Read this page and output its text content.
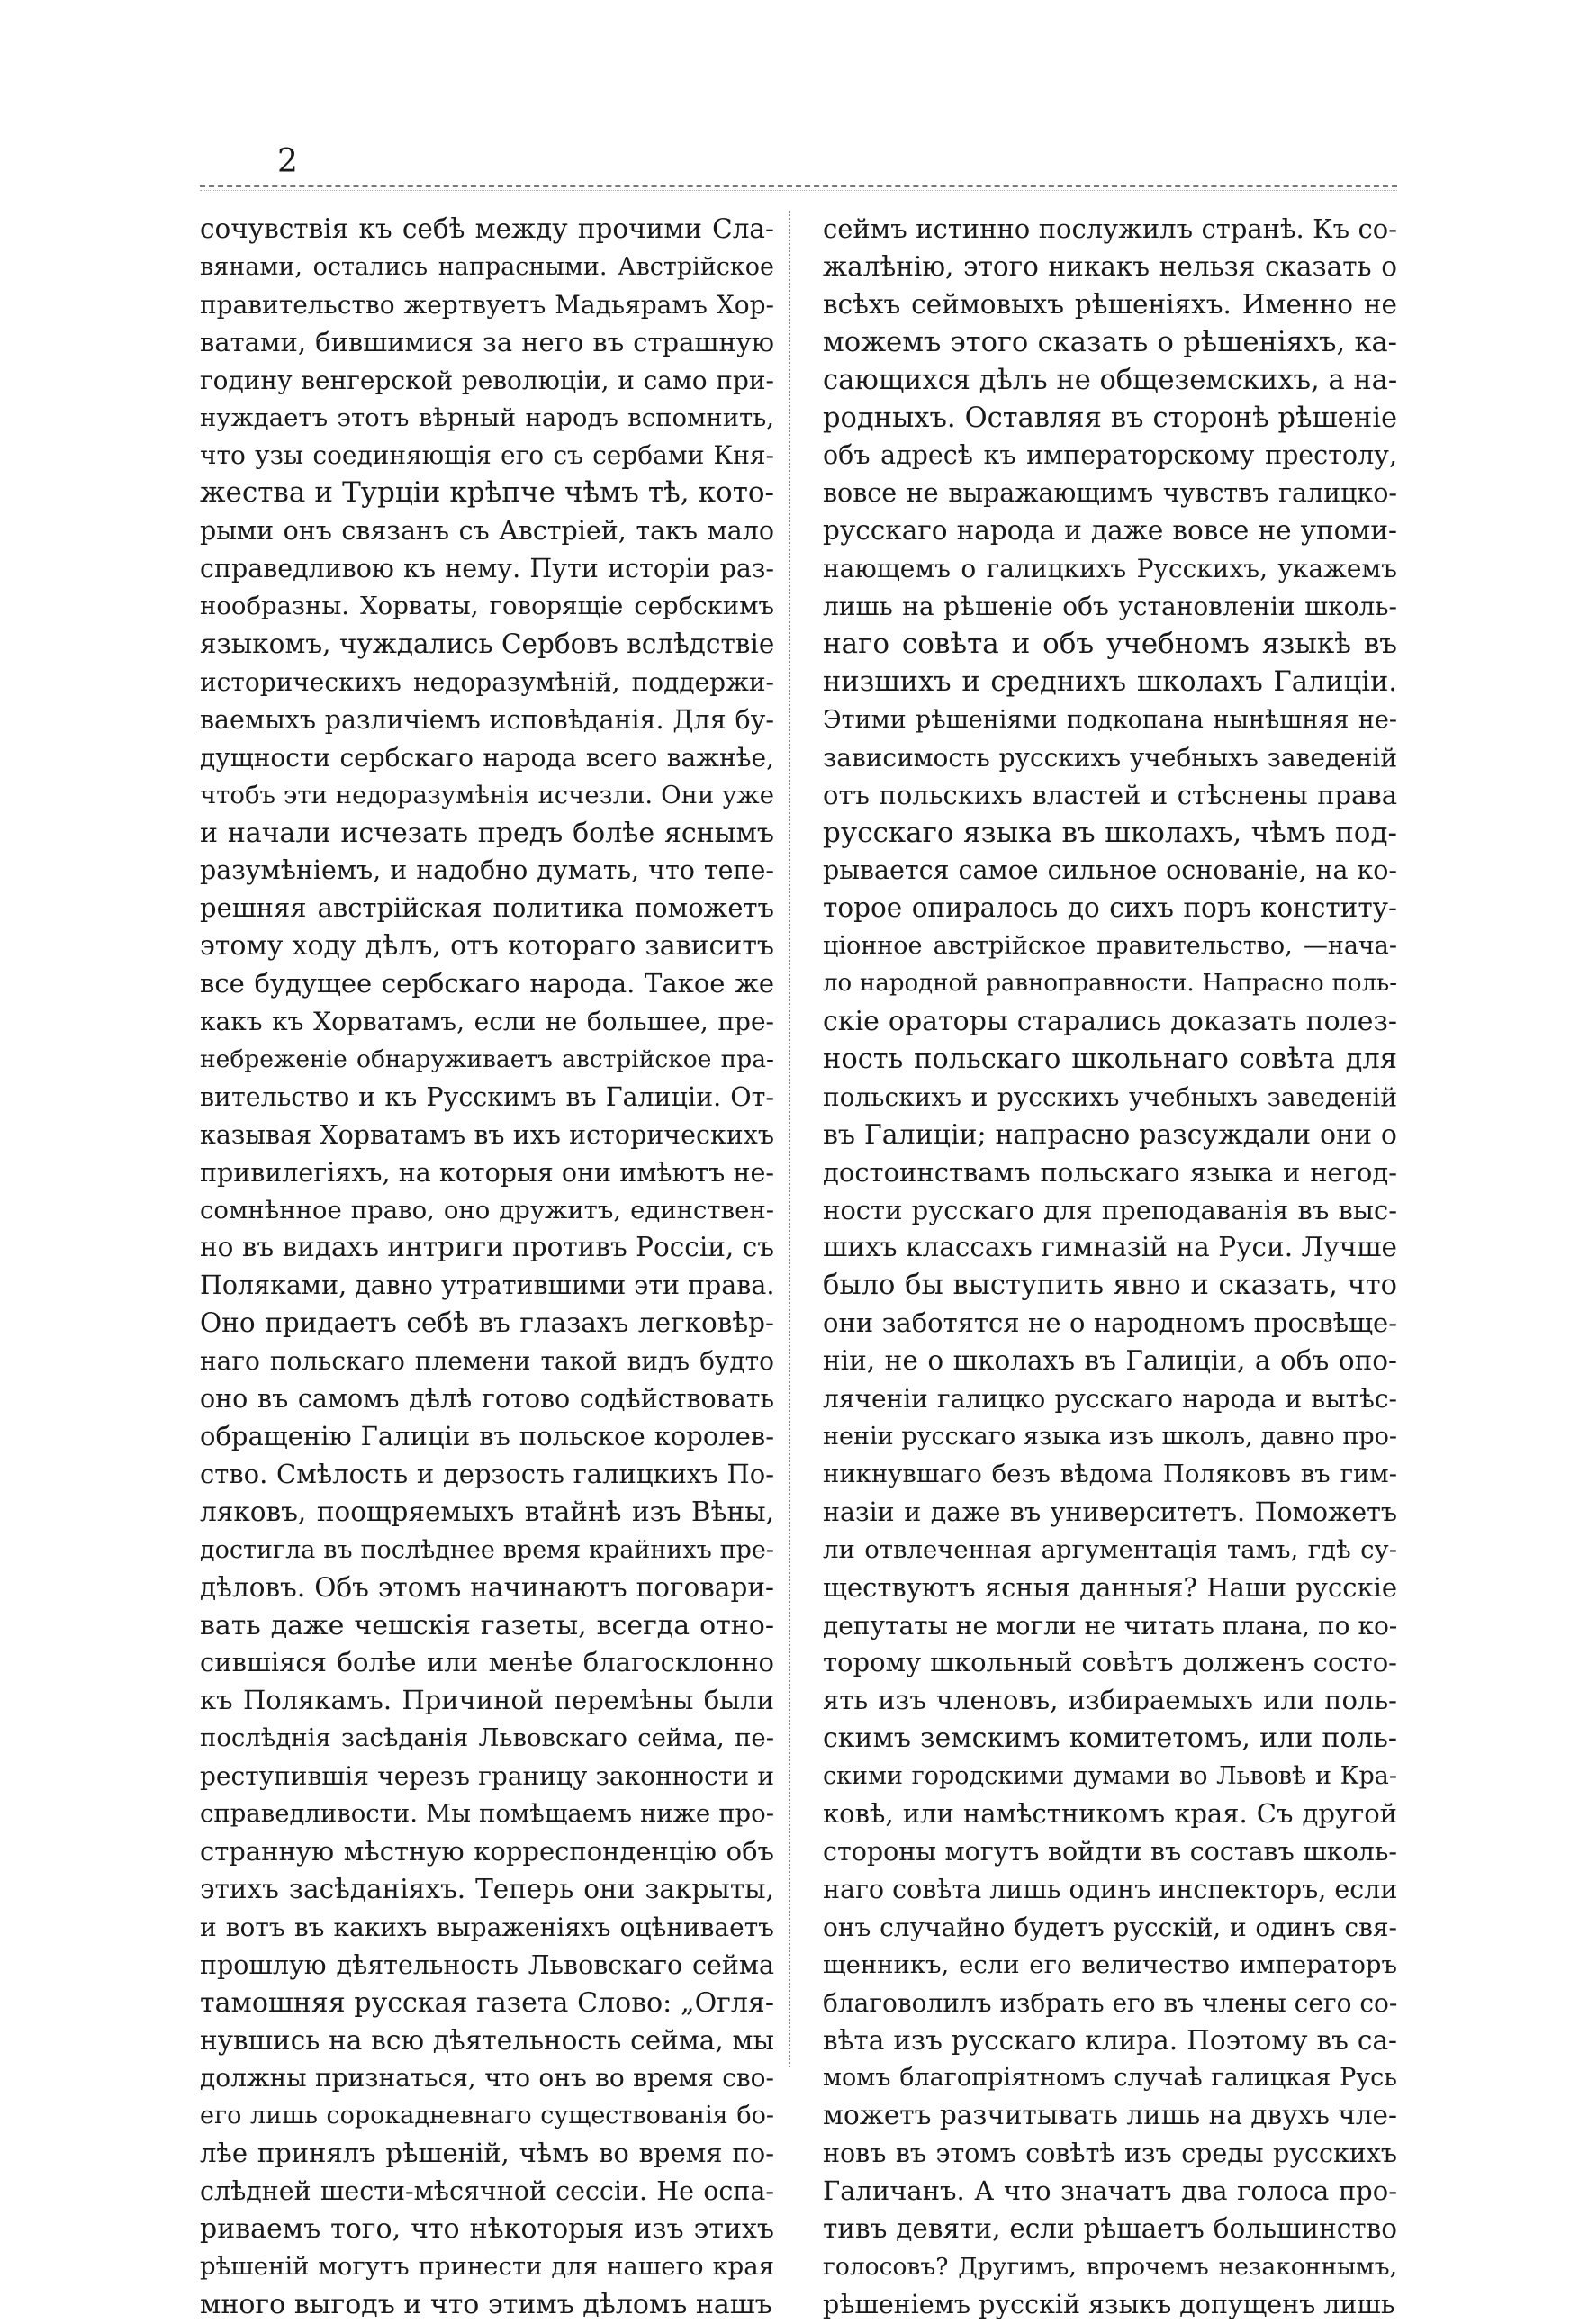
2
сочувствія къ себѣ между прочими Сла-
вянами, остались напрасными. Австрійское
правительство жертвуетъ Мадьярамъ Хор-
ватами, бившимися за него въ страшную
годину венгерской революціи, и само при-
нуждаетъ этотъ вѣрный народъ вспомнить,
что узы соединяющія его съ сербами Кня-
жества и Турціи крѣпче чѣмъ тѣ, кото-
рыми онъ связанъ съ Австріей, такъ мало
справедливою къ нему. Пути исторіи раз-
нообразны. Хорваты, говорящіе сербскимъ
языкомъ, чуждались Сербовъ вслѣдствіе
историческихъ недоразумѣній, поддержи-
ваемыхъ различіемъ исповѣданія. Для бу-
дущности сербскаго народа всего важнѣе,
чтобъ эти недоразумѣнія исчезли. Они уже
и начали исчезать предъ болѣе яснымъ
разумѣніемъ, и надобно думать, что тепе-
решняя австрійская политика поможетъ
этому ходу дѣлъ, отъ котораго зависитъ
все будущее сербскаго народа. Такое же
какъ къ Хорватамъ, если не большее, пре-
небреженіе обнаруживаетъ австрійское пра-
вительство и къ Русскимъ въ Галиціи. От-
казывая Хорватамъ въ ихъ историческихъ
привилегіяхъ, на которыя они имѣютъ не-
сомнѣнное право, оно дружитъ, единствен-
но въ видахъ интриги противъ Россіи, съ
Поляками, давно утратившими эти права.
Оно придаетъ себѣ въ глазахъ легковѣр-
наго польскаго племени такой видъ будто
оно въ самомъ дѣлѣ готово содѣйствовать
обращенію Галиціи въ польское королев-
ство. Смѣлость и дерзость галицкихъ По-
ляковъ, поощряемыхъ втайнѣ изъ Вѣны,
достигла въ послѣднее время крайнихъ пре-
дѣловъ. Объ этомъ начинаютъ поговари-
вать даже чешскія газеты, всегда отно-
сившіяся болѣе или менѣе благосклонно
къ Полякамъ. Причиной перемѣны были
послѣднія засѣданія Львовскаго сейма, пе-
реступившія черезъ границу законности и
справедливости. Мы помѣщаемъ ниже про-
странную мѣстную корреспонденцію объ
этихъ засѣданіяхъ. Теперь они закрыты,
и вотъ въ какихъ выраженіяхъ оцѣниваетъ
прошлую дѣятельность Львовскаго сейма
тамошняя русская газета Слово: „Огля-
нувшись на всю дѣятельность сейма, мы
должны признаться, что онъ во время сво-
его лишь сорокадневнаго существованія бо-
лѣе принялъ рѣшеній, чѣмъ во время по-
слѣдней шести-мѣсячной сессіи. Не оспа-
риваемъ того, что нѣкоторыя изъ этихъ
рѣшеній могутъ принести для нашего края
много выгодъ и что этимъ дѣломъ нашъ
сеймъ истинно послужилъ странѣ. Къ со-
жалѣнію, этого никакъ нельзя сказать о
всѣхъ сеймовыхъ рѣшеніяхъ. Именно не
можемъ этого сказать о рѣшеніяхъ, ка-
сающихся дѣлъ не общеземскихъ, а на-
родныхъ. Оставляя въ сторонѣ рѣшеніе
объ адресѣ къ императорскому престолу,
вовсе не выражающимъ чувствъ галицко-
русскаго народа и даже вовсе не упоми-
нающемъ о галицкихъ Русскихъ, укажемъ
лишь на рѣшеніе объ установленіи школь-
наго совѣта и объ учебномъ языкѣ въ
низшихъ и среднихъ школахъ Галиціи.
Этими рѣшеніями подкопана нынѣшняя не-
зависимость русскихъ учебныхъ заведеній
отъ польскихъ властей и стѣснены права
русскаго языка въ школахъ, чѣмъ под-
рывается самое сильное основаніе, на ко-
торое опиралось до сихъ поръ конститу-
ціонное австрійское правительство, —нача-
ло народной равноправности. Напрасно поль-
скіе ораторы старались доказать полез-
ность польскаго школьнаго совѣта для
польскихъ и русскихъ учебныхъ заведеній
въ Галиціи; напрасно разсуждали они о
достоинствамъ польскаго языка и негод-
ности русскаго для преподаванія въ выс-
шихъ классахъ гимназій на Руси. Лучше
было бы выступить явно и сказать, что
они заботятся не о народномъ просвѣще-
ніи, не о школахъ въ Галиціи, а объ опо-
ляченіи галицко русскаго народа и вытѣс-
неніи русскаго языка изъ школъ, давно про-
никнувшаго безъ вѣдома Поляковъ въ гим-
назіи и даже въ университетъ. Поможетъ
ли отвлеченная аргументація тамъ, гдѣ су-
ществуютъ ясныя данныя? Наши русскіе
депутаты не могли не читать плана, по ко-
торому школьный совѣтъ долженъ состо-
ять изъ членовъ, избираемыхъ или поль-
скимъ земскимъ комитетомъ, или поль-
скими городскими думами во Львовѣ и Кра-
ковѣ, или намѣстникомъ края. Съ другой
стороны могутъ войдти въ составъ школь-
наго совѣта лишь одинъ инспекторъ, если
онъ случайно будетъ русскій, и одинъ свя-
щенникъ, если его величество императоръ
благоволилъ избрать его въ члены сего со-
вѣта изъ русскаго клира. Поэтому въ са-
момъ благопріятномъ случаѣ галицкая Русь
можетъ разчитывать лишь на двухъ чле-
новъ въ этомъ совѣтѣ изъ среды русскихъ
Галичанъ. А что значатъ два голоса про-
тивъ девяти, если рѣшаетъ большинство
голосовъ? Другимъ, впрочемъ незаконнымъ,
рѣшеніемъ русскій языкъ допущенъ лишь
